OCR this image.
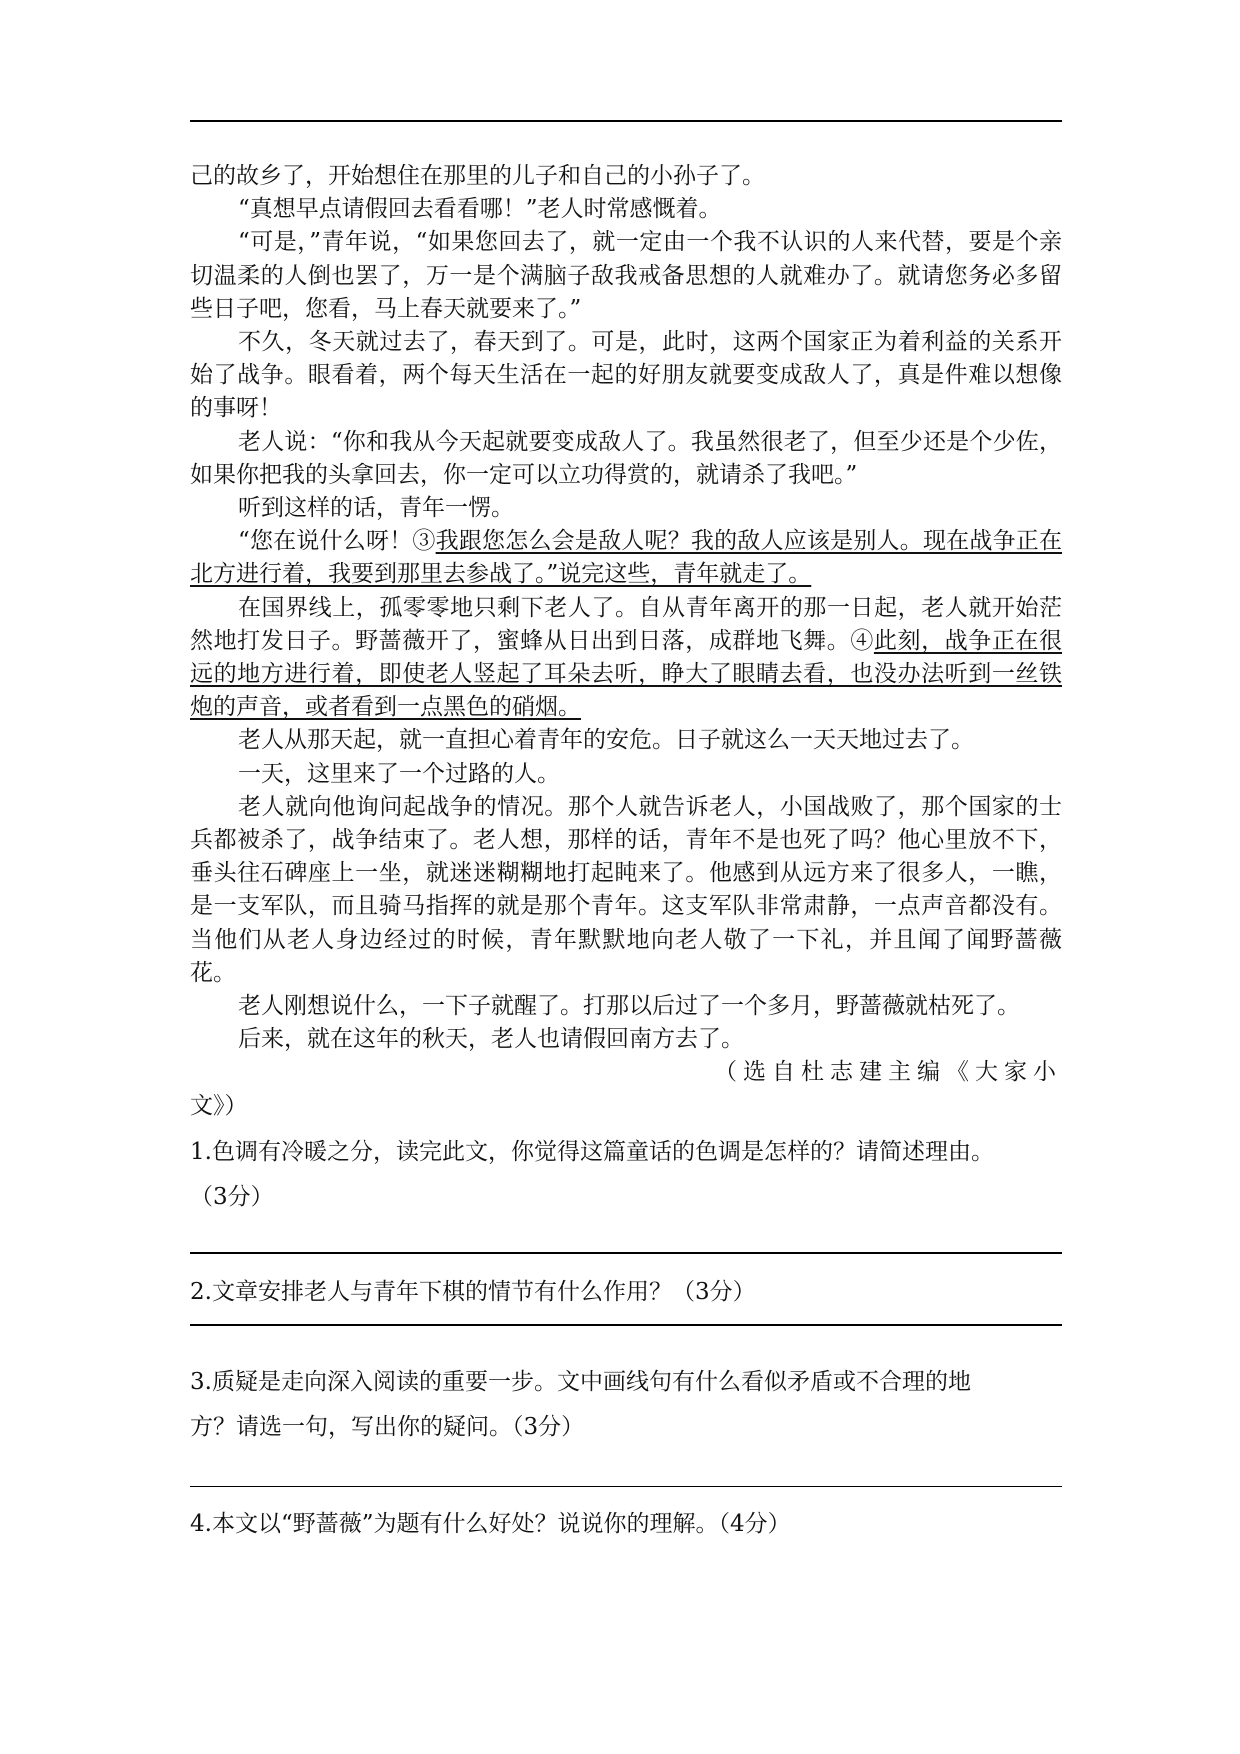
己的故乡了，开始想住在那里的儿子和自己的小孙子了。

“真想早点请假回去看看哪！”老人时常感慨着。

“可是，”青年说，“如果您回去了，就一定由一个我不认识的人来代替，要是个亲切温柔的人倒也罢了，万一是个满脑子敌我戒备思想的人就难办了。就请您务必多留些日子吧，您看，马上春天就要来了。”

不久，冬天就过去了，春天到了。可是，此时，这两个国家正为着利益的关系开始了战争。眼看着，两个每天生活在一起的好朋友就要变成敌人了，真是件难以想像的事呀！

老人说：“你和我从今天起就要变成敌人了。我虽然很老了，但至少还是个少佐，如果你把我的头拿回去，你一定可以立功得赏的，就请杀了我吧。”

听到这样的话，青年一愣。

“您在说什么呀！③我跟您怎么会是敌人呢？我的敌人应该是别人。现在战争正在北方进行着，我要到那里去参战了。”说完这些，青年就走了。

在国界线上，孤零零地只剩下老人了。自从青年离开的那一日起，老人就开始茫然地打发日子。野蔷薇开了，蜜蜂从日出到日落，成群地飞舞。④此刻，战争正在很远的地方进行着，即使老人竖起了耳朵去听，睁大了眼睛去看，也没办法听到一丝铁炮的声音，或者看到一点黑色的硝烟。

老人从那天起，就一直担心着青年的安危。日子就这么一天天地过去了。

一天，这里来了一个过路的人。

老人就向他询问起战争的情况。那个人就告诉老人，小国战败了，那个国家的士兵都被杀了，战争结束了。老人想，那样的话，青年不是也死了吗？他心里放不下，垂头往石碑座上一坐，就迷迷糊糊地打起盹来了。他感到从远方来了很多人，一瞧，是一支军队，而且骑马指挥的就是那个青年。这支军队非常肃静，一点声音都没有。当他们从老人身边经过的时候，青年默默地向老人敬了一下礼，并且闻了闻野蔷薇花。

老人刚想说什么，一下子就醒了。打那以后过了一个多月，野蔷薇就枯死了。

后来，就在这年的秋天，老人也请假回南方去了。

（选自杜志建主编《大家小

文》）

1.色调有冷暖之分，读完此文，你觉得这篇童话的色调是怎样的？请简述理由。
（3分）
2.文章安排老人与青年下棋的情节有什么作用？（3分）
3.质疑是走向深入阅读的重要一步。文中画线句有什么看似矛盾或不合理的地
方？请选一句，写出你的疑问。（3分）
4.本文以“野蔷薇”为题有什么好处？说说你的理解。（4分）
